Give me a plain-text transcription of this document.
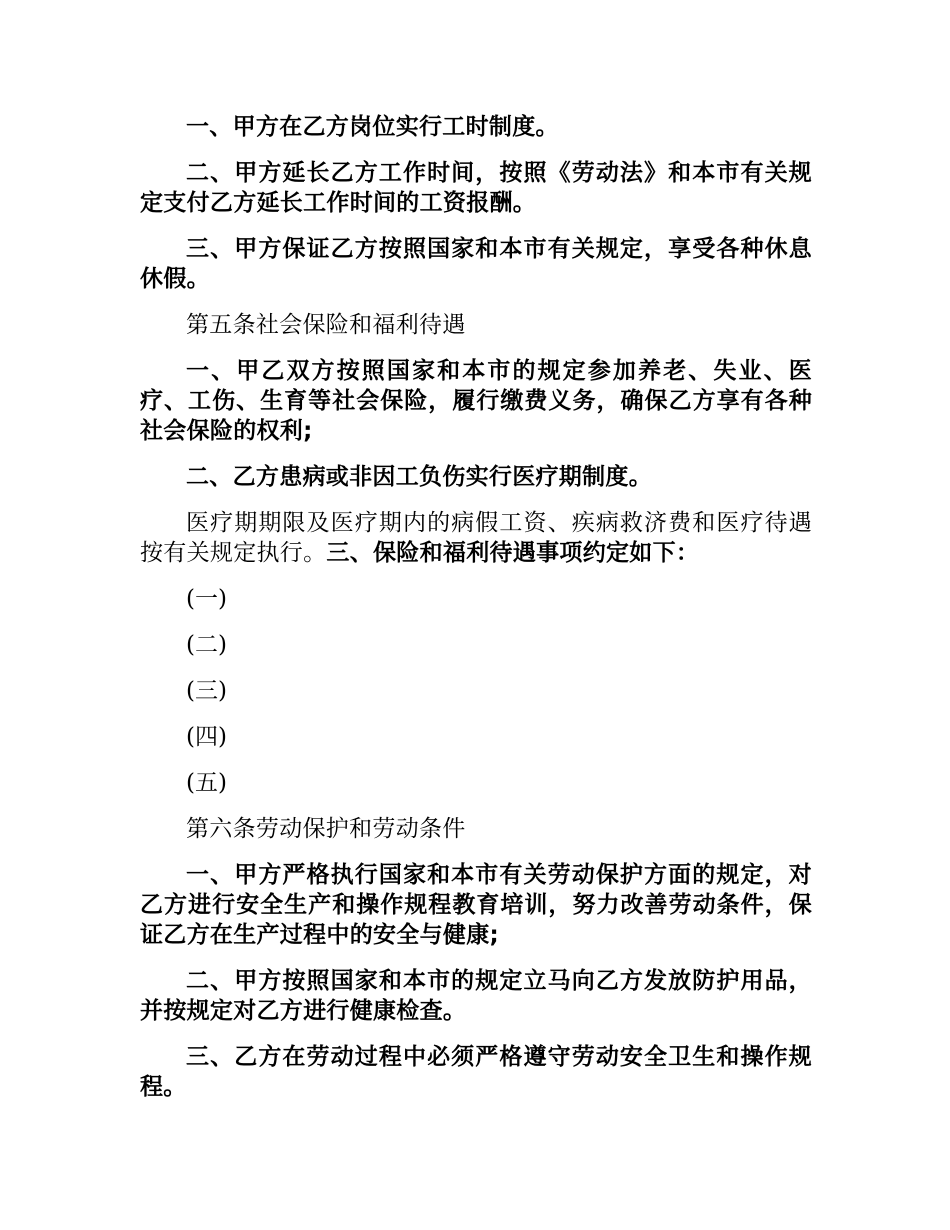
一、甲方在乙方岗位实行工时制度。

二、甲方延长乙方工作时间，按照《劳动法》和本市有关规定支付乙方延长工作时间的工资报酬。

三、甲方保证乙方按照国家和本市有关规定，享受各种休息休假。

第五条社会保险和福利待遇

一、甲乙双方按照国家和本市的规定参加养老、失业、医疗、工伤、生育等社会保险，履行缴费义务，确保乙方享有各种社会保险的权利;

二、乙方患病或非因工负伤实行医疗期制度。

医疗期期限及医疗期内的病假工资、疾病救济费和医疗待遇按有关规定执行。三、保险和福利待遇事项约定如下：

(一)

(二)

(三)

(四)

(五)

第六条劳动保护和劳动条件

一、甲方严格执行国家和本市有关劳动保护方面的规定，对乙方进行安全生产和操作规程教育培训，努力改善劳动条件，保证乙方在生产过程中的安全与健康;

二、甲方按照国家和本市的规定立马向乙方发放防护用品，并按规定对乙方进行健康检查。

三、乙方在劳动过程中必须严格遵守劳动安全卫生和操作规程。
